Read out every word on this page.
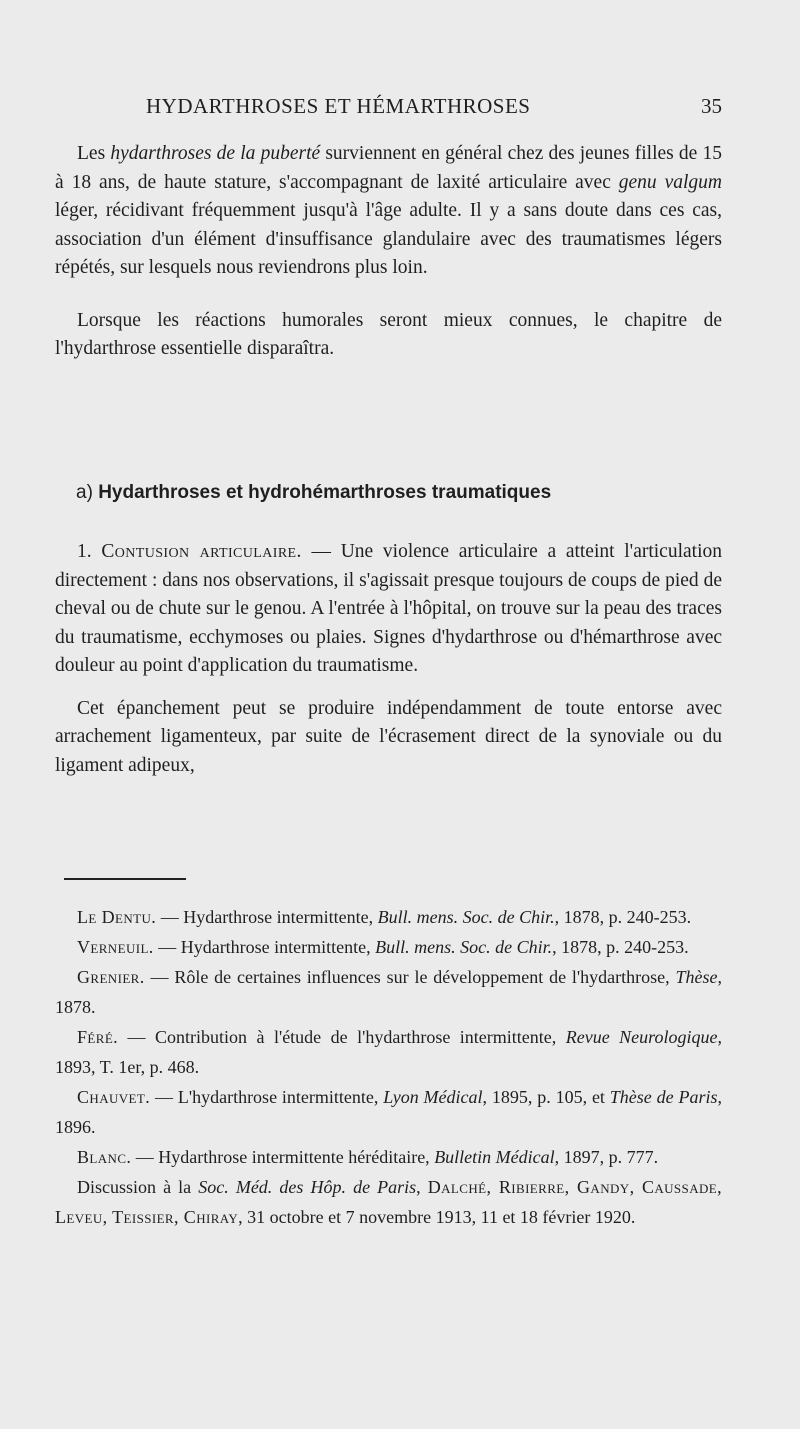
HYDARTHROSES ET HÉMARTHROSES	35

Les hydarthroses de la puberté surviennent en général chez des jeunes filles de 15 à 18 ans, de haute stature, s'accompagnant de laxité articulaire avec genu valgum léger, récidivant fréquemment jusqu'à l'âge adulte. Il y a sans doute dans ces cas, association d'un élément d'insuffisance glandulaire avec des traumatismes légers répétés, sur lesquels nous reviendrons plus loin.

Lorsque les réactions humorales seront mieux connues, le chapitre de l'hydarthrose essentielle disparaîtra.

a) Hydarthroses et hydrohémarthroses traumatiques

1. Contusion articulaire. — Une violence articulaire a atteint l'articulation directement : dans nos observations, il s'agissait presque toujours de coups de pied de cheval ou de chute sur le genou. A l'entrée à l'hôpital, on trouve sur la peau des traces du traumatisme, ecchymoses ou plaies. Signes d'hydarthrose ou d'hémarthrose avec douleur au point d'application du traumatisme.

Cet épanchement peut se produire indépendamment de toute entorse avec arrachement ligamenteux, par suite de l'écrasement direct de la synoviale ou du ligament adipeux,

Le Dentu. — Hydarthrose intermittente, Bull. mens. Soc. de Chir., 1878, p. 240-253.

Verneuil. — Hydarthrose intermittente, Bull. mens. Soc. de Chir., 1878, p. 240-253.

Grenier. — Rôle de certaines influences sur le développement de l'hydarthrose, Thèse, 1878.

Féré. — Contribution à l'étude de l'hydarthrose intermittente, Revue Neurologique, 1893, T. 1er, p. 468.

Chauvet. — L'hydarthrose intermittente, Lyon Médical, 1895, p. 105, et Thèse de Paris, 1896.

Blanc. — Hydarthrose intermittente héréditaire, Bulletin Médical, 1897, p. 777.

Discussion à la Soc. Méd. des Hôp. de Paris, Dalché, Ribierre, Gandy, Caussade, Leveu, Teissier, Chiray, 31 octobre et 7 novembre 1913, 11 et 18 février 1920.
